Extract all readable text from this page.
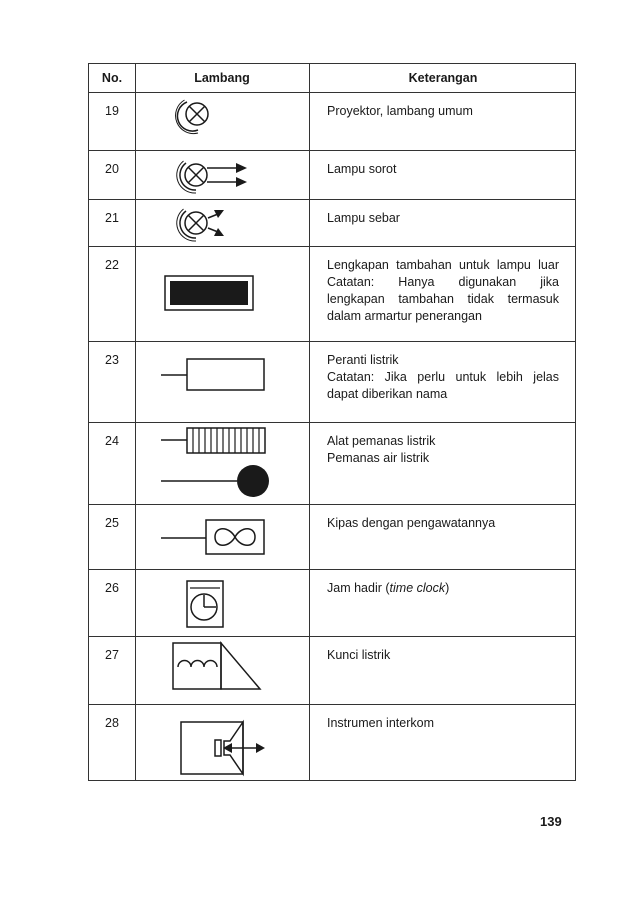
No.	Lambang	Keterangan
19	Proyektor, lambang umum

20	Lampu sorot

21	Lampu sebar

22	Lengkapan tambahan untuk lampu luar

Catatan: Hanya digunakan jika

lengkapan tambahan tidak termasuk

dalam armartur penerangan

23	Peranti listrik

Catatan: Jika perlu untuk lebih jelas

dapat diberikan nama

24	Alat pemanas listrik

Pemanas air listrik

25	Kipas dengan pengawatannya

26	Jam hadir (time clock)

27	Kunci listrik

28	Instrumen interkom

139
